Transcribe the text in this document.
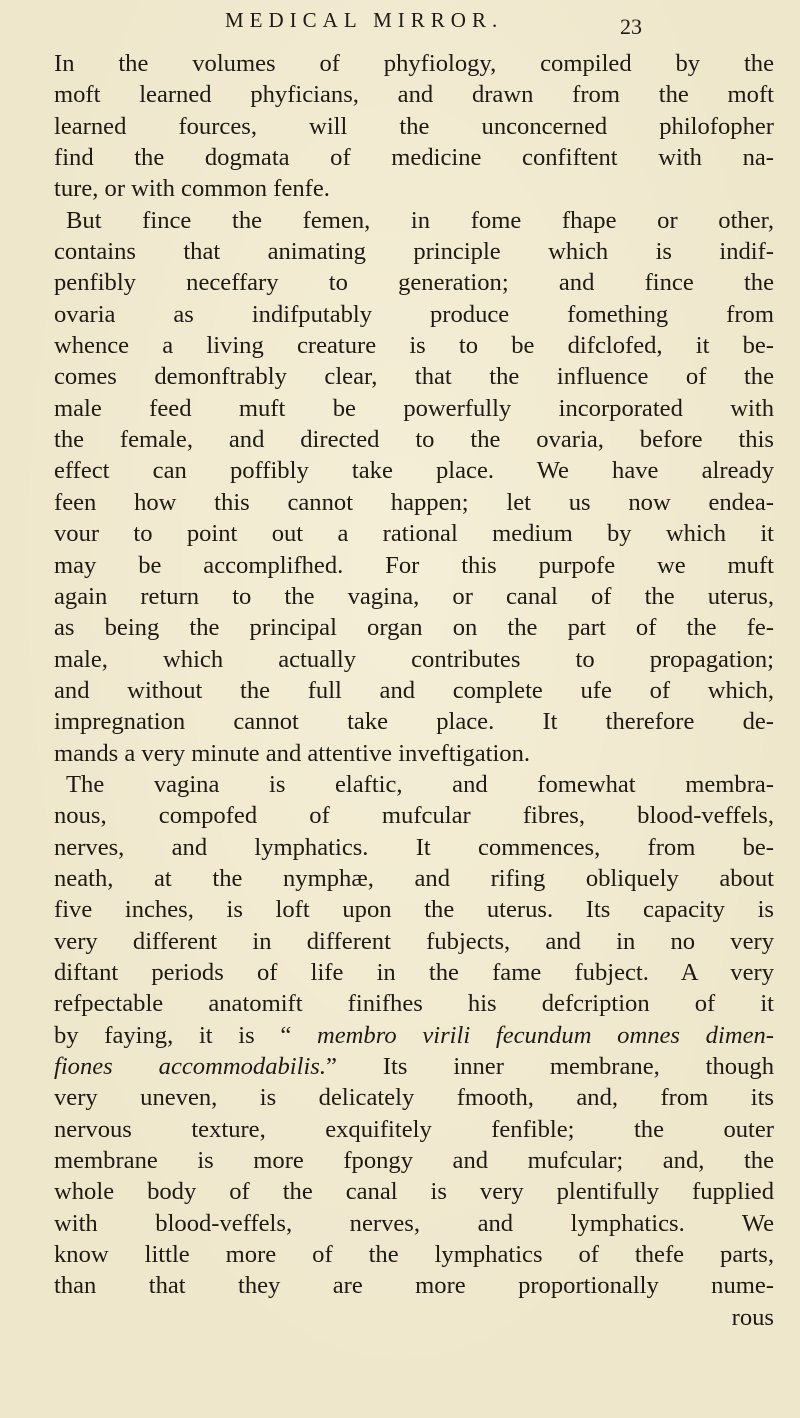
MEDICAL MIRROR.	23
In the volumes of phyfiology, compiled by the
moft learned phyficians, and drawn from the moft
learned fources, will the unconcerned philofopher
find the dogmata of medicine confiftent with na-
ture, or with common fenfe.
But fince the femen, in fome fhape or other,
contains that animating principle which is indif-
penfibly neceffary to generation; and fince the
ovaria as indifputably produce fomething from
whence a living creature is to be difclofed, it be-
comes demonftrably clear, that the influence of the
male feed muft be powerfully incorporated with
the female, and directed to the ovaria, before this
effect can poffibly take place. We have already
feen how this cannot happen; let us now endea-
vour to point out a rational medium by which it
may be accomplifhed. For this purpofe we muft
again return to the vagina, or canal of the uterus,
as being the principal organ on the part of the fe-
male, which actually contributes to propagation;
and without the full and complete ufe of which,
impregnation cannot take place. It therefore de-
mands a very minute and attentive inveftigation.
The vagina is elaftic, and fomewhat membra-
nous, compofed of mufcular fibres, blood-veffels,
nerves, and lymphatics. It commences, from be-
neath, at the nymphæ, and rifing obliquely about
five inches, is loft upon the uterus. Its capacity is
very different in different fubjects, and in no very
diftant periods of life in the fame fubject. A very
refpectable anatomift finifhes his defcription of it
by faying, it is “ membro virili fecundum omnes dimen-
fiones accommodabilis.” Its inner membrane, though
very uneven, is delicately fmooth, and, from its
nervous texture, exquifitely fenfible; the outer
membrane is more fpongy and mufcular; and, the
whole body of the canal is very plentifully fupplied
with blood-veffels, nerves, and lymphatics. We
know little more of the lymphatics of thefe parts,
than that they are more proportionally nume-
rous
